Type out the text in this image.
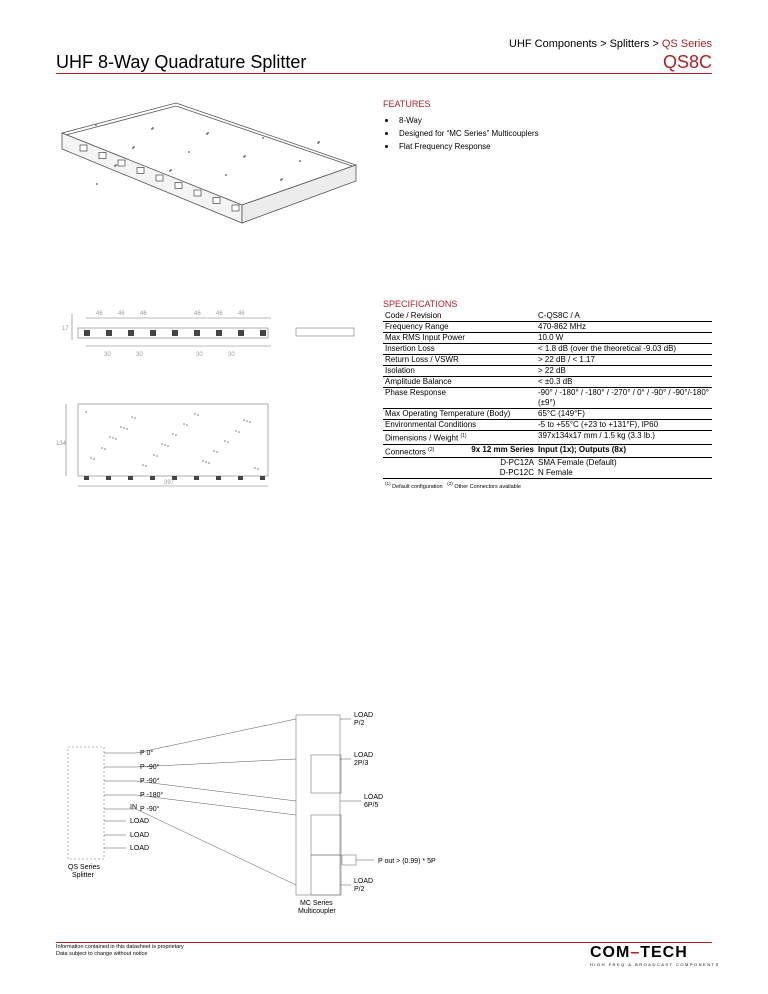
UHF Components > Splitters > QS Series
UHF 8-Way Quadrature Splitter	QS8C
FEATURES
8-Way
Designed for “MC Series” Multicouplers
Flat Frequency Response
46	46	46	46	46	46
30	30	30	30
17
134
397
SPECIFICATIONS
Code / Revision	C-QS8C / A
Frequency Range	470-862 MHz
Max RMS Input Power	10.0 W
Insertion Loss	< 1.8 dB (over the theoretical -9.03 dB)
Return Loss / VSWR	> 22 dB / < 1.17
Isolation	> 22 dB
Amplitude Balance	< ±0.3 dB
Phase Response	-90° / -180° / -180° / -270° / 0° / -90° / -90°/-180° (±9°)
Max Operating Temperature (Body)	65°C (149°F)
Environmental Conditions	-5 to +55°C (+23 to +131°F), IP60
Dimensions / Weight $^{(1)}$	397x134x17 mm / 1.5 kg (3.3 lb.)
Connectors $^{(2)}$ 9x 12 mm Series	Input (1x); Outputs (8x)
D-PC12A	SMA Female (Default)
D-PC12C	N Female
$^{(1)}$ Default configuration   $^{(2)}$ Other Connectors available	
P 0°
P -90°
P -90°
P -180°
IN P -90°
LOAD
LOAD
LOAD
QS Series
Splitter
LOAD
P/2
LOAD
2P/3
LOAD
6P/5
P out > (0.99) * 5P
LOAD
P/2
MC Series
Multicoupler
Information contained in this datasheet is proprietary
Data subject to change without notice	COM–TECH
HIGH FREQ & BROADCAST COMPONENTS
